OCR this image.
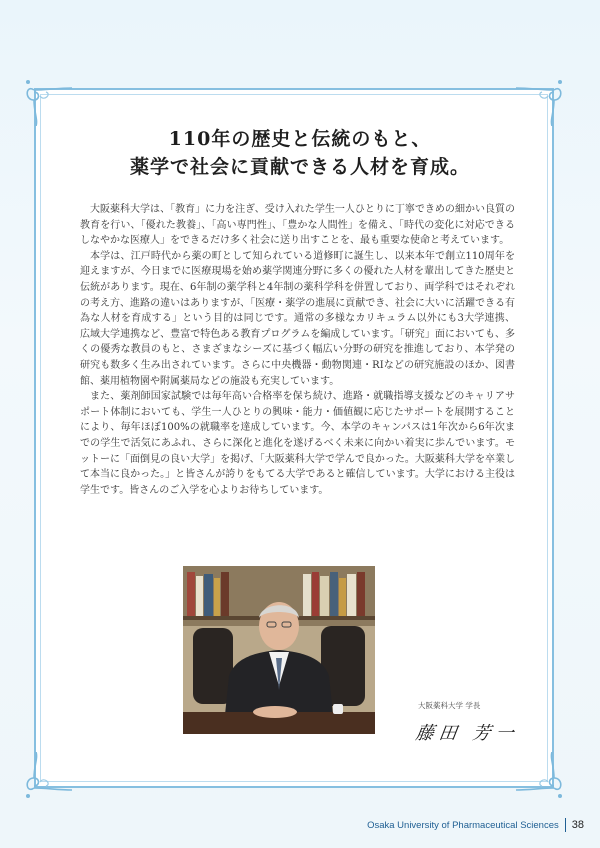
110年の歴史と伝統のもと、
薬学で社会に貢献できる人材を育成。

大阪薬科大学は、「教育」に力を注ぎ、受け入れた学生一人ひとりに丁寧できめの細かい良質の教育を行い、「優れた教養」、「高い専門性」、「豊かな人間性」を備え、「時代の変化に対応できるしなやかな医療人」をできるだけ多く社会に送り出すことを、最も重要な使命と考えています。

本学は、江戸時代から薬の町として知られている道修町に誕生し、以来本年で創立110周年を迎えますが、今日までに医療現場を始め薬学関連分野に多くの優れた人材を輩出してきた歴史と伝統があります。現在、6年制の薬学科と4年制の薬科学科を併置しており、両学科ではそれぞれの考え方、進路の違いはありますが、「医療・薬学の進展に貢献でき、社会に大いに活躍できる有為な人材を育成する」という目的は同じです。通常の多様なカリキュラム以外にも3大学連携、広域大学連携など、豊富で特色ある教育プログラムを編成しています。「研究」面においても、多くの優秀な教員のもと、さまざまなシーズに基づく幅広い分野の研究を推進しており、本学発の研究も数多く生み出されています。さらに中央機器・動物関連・RIなどの研究施設のほか、図書館、薬用植物園や附属薬局などの施設も充実しています。

また、薬剤師国家試験では毎年高い合格率を保ち続け、進路・就職指導支援などのキャリアサポート体制においても、学生一人ひとりの興味・能力・価値観に応じたサポートを展開することにより、毎年ほぼ100%の就職率を達成しています。今、本学のキャンパスは1年次から6年次までの学生で活気にあふれ、さらに深化と進化を遂げるべく未来に向かい着実に歩んでいます。モットーに「面倒見の良い大学」を掲げ、「大阪薬科大学で学んで良かった。大阪薬科大学を卒業して本当に良かった。」と皆さんが誇りをもてる大学であると確信しています。大学における主役は学生です。皆さんのご入学を心よりお待ちしています。

大阪薬科大学 学長

藤田 芳一
Osaka University of Pharmaceutical Sciences 38
